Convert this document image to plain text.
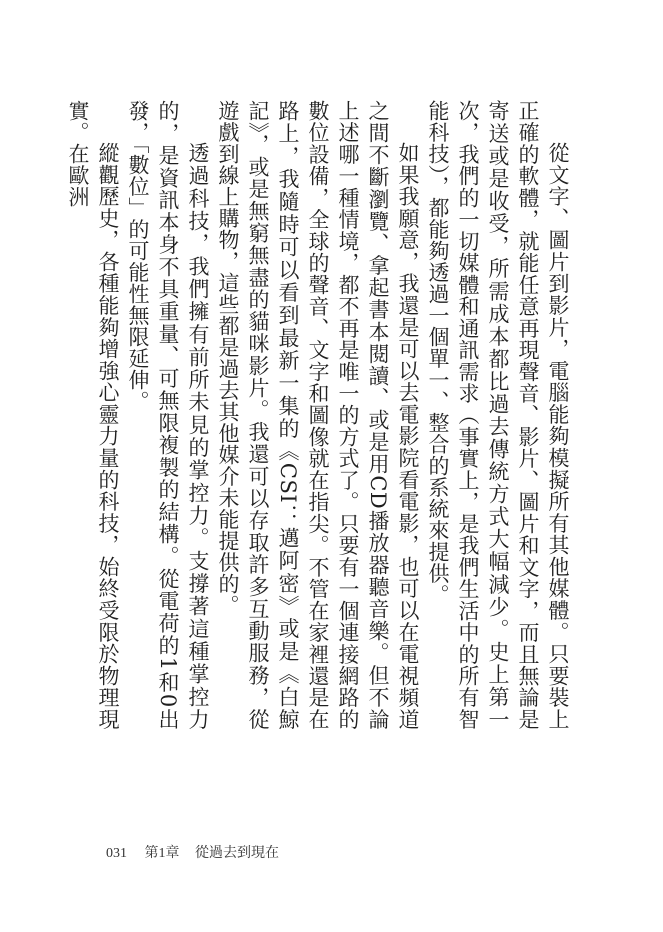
從文字、圖片到影片，電腦能夠模擬所有其他媒體。只要裝上正確的軟體，就能任意再現聲音、影片、圖片和文字，而且無論是寄送或是收受，所需成本都比過去傳統方式大幅減少。史上第一次，我們的一切媒體和通訊需求（事實上，是我們生活中的所有智能科技），都能夠透過一個單一、整合的系統來提供。

如果我願意，我還是可以去電影院看電影，也可以在電視頻道之間不斷瀏覽、拿起書本閱讀、或是用CD播放器聽音樂。但不論上述哪一種情境，都不再是唯一的方式了。只要有一個連接網路的數位設備，全球的聲音、文字和圖像就在指尖。不管在家裡還是在路上，我隨時可以看到最新一集的《CSI：邁阿密》或是《白鯨記》，或是無窮無盡的貓咪影片。我還可以存取許多互動服務，從遊戲到線上購物，這些都是過去其他媒介未能提供的。

透過科技，我們擁有前所未見的掌控力。支撐著這種掌控力的，是資訊本身不具重量、可無限複製的結構。從電荷的1和0出發，「數位」的可能性無限延伸。

縱觀歷史，各種能夠增強心靈力量的科技，始終受限於物理現實。在歐洲

031 第1章 從過去到現在
